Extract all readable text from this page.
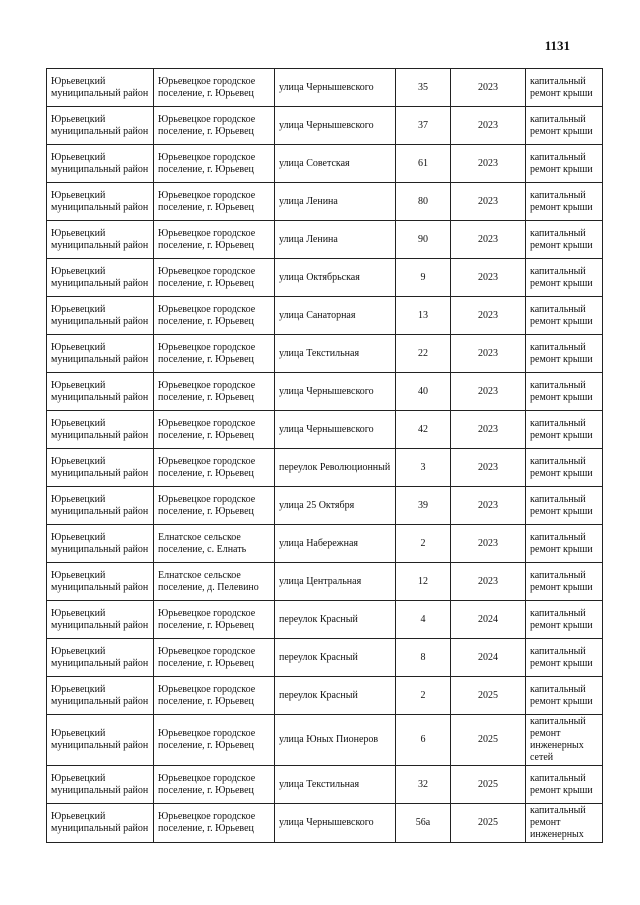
1131
Юрьевецкий муниципальный район	Юрьевецкое городское поселение, г. Юрьевец	улица Чернышевского	35	2023	капитальный ремонт крыши
Юрьевецкий муниципальный район	Юрьевецкое городское поселение, г. Юрьевец	улица Чернышевского	37	2023	капитальный ремонт крыши
Юрьевецкий муниципальный район	Юрьевецкое городское поселение, г. Юрьевец	улица Советская	61	2023	капитальный ремонт крыши
Юрьевецкий муниципальный район	Юрьевецкое городское поселение, г. Юрьевец	улица Ленина	80	2023	капитальный ремонт крыши
Юрьевецкий муниципальный район	Юрьевецкое городское поселение, г. Юрьевец	улица Ленина	90	2023	капитальный ремонт крыши
Юрьевецкий муниципальный район	Юрьевецкое городское поселение, г. Юрьевец	улица Октябрьская	9	2023	капитальный ремонт крыши
Юрьевецкий муниципальный район	Юрьевецкое городское поселение, г. Юрьевец	улица Санаторная	13	2023	капитальный ремонт крыши
Юрьевецкий муниципальный район	Юрьевецкое городское поселение, г. Юрьевец	улица Текстильная	22	2023	капитальный ремонт крыши
Юрьевецкий муниципальный район	Юрьевецкое городское поселение, г. Юрьевец	улица Чернышевского	40	2023	капитальный ремонт крыши
Юрьевецкий муниципальный район	Юрьевецкое городское поселение, г. Юрьевец	улица Чернышевского	42	2023	капитальный ремонт крыши
Юрьевецкий муниципальный район	Юрьевецкое городское поселение, г. Юрьевец	переулок Революционный	3	2023	капитальный ремонт крыши
Юрьевецкий муниципальный район	Юрьевецкое городское поселение, г. Юрьевец	улица 25 Октября	39	2023	капитальный ремонт крыши
Юрьевецкий муниципальный район	Елнатское сельское поселение, с. Елнать	улица Набережная	2	2023	капитальный ремонт крыши
Юрьевецкий муниципальный район	Елнатское сельское поселение, д. Пелевино	улица Центральная	12	2023	капитальный ремонт крыши
Юрьевецкий муниципальный район	Юрьевецкое городское поселение, г. Юрьевец	переулок Красный	4	2024	капитальный ремонт крыши
Юрьевецкий муниципальный район	Юрьевецкое городское поселение, г. Юрьевец	переулок Красный	8	2024	капитальный ремонт крыши
Юрьевецкий муниципальный район	Юрьевецкое городское поселение, г. Юрьевец	переулок Красный	2	2025	капитальный ремонт крыши
Юрьевецкий муниципальный район	Юрьевецкое городское поселение, г. Юрьевец	улица Юных Пионеров	6	2025	капитальный ремонт инженерных сетей
Юрьевецкий муниципальный район	Юрьевецкое городское поселение, г. Юрьевец	улица Текстильная	32	2025	капитальный ремонт крыши
Юрьевецкий муниципальный район	Юрьевецкое городское поселение, г. Юрьевец	улица Чернышевского	56а	2025	капитальный ремонт инженерных
